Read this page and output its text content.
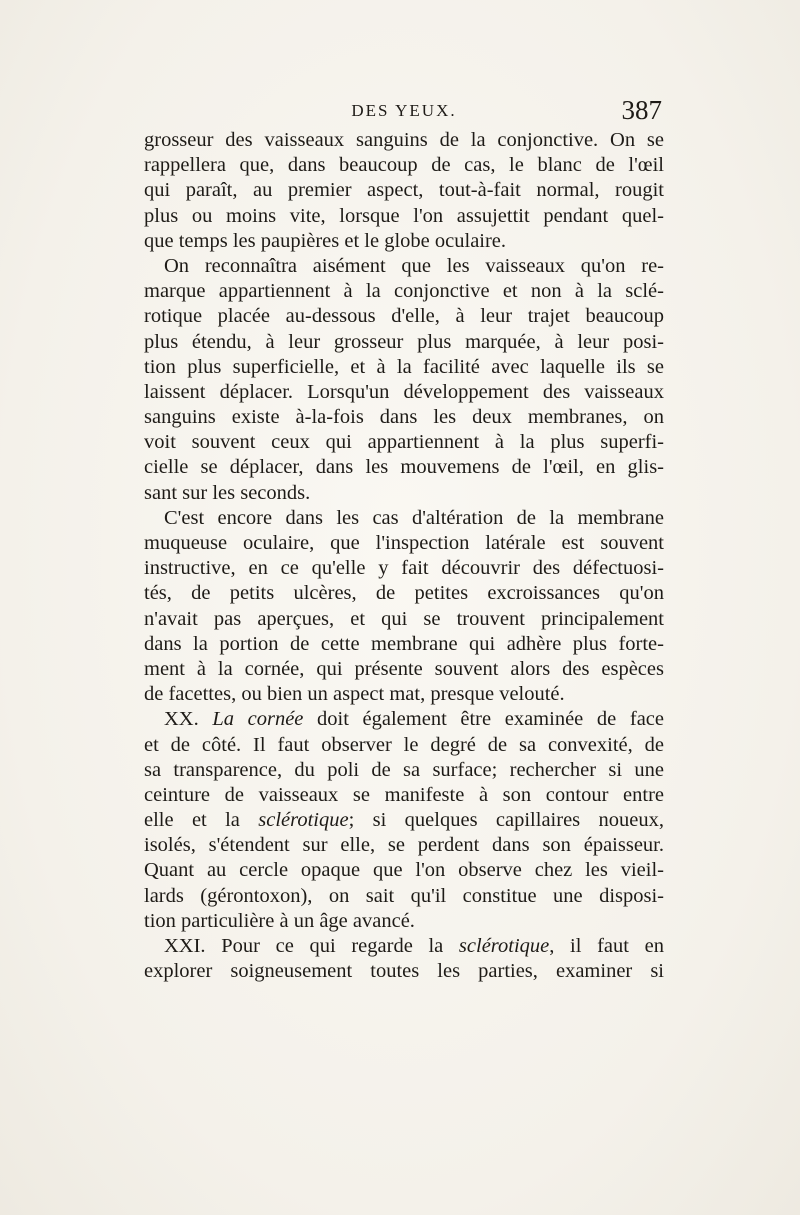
DES YEUX.	387
grosseur des vaisseaux sanguins de la conjonctive. On se
rappellera que, dans beaucoup de cas, le blanc de l'œil
qui paraît, au premier aspect, tout-à-fait normal, rougit
plus ou moins vite, lorsque l'on assujettit pendant quel-
que temps les paupières et le globe oculaire.
On reconnaîtra aisément que les vaisseaux qu'on re-
marque appartiennent à la conjonctive et non à la sclé-
rotique placée au-dessous d'elle, à leur trajet beaucoup
plus étendu, à leur grosseur plus marquée, à leur posi-
tion plus superficielle, et à la facilité avec laquelle ils se
laissent déplacer. Lorsqu'un développement des vaisseaux
sanguins existe à-la-fois dans les deux membranes, on
voit souvent ceux qui appartiennent à la plus superfi-
cielle se déplacer, dans les mouvemens de l'œil, en glis-
sant sur les seconds.
C'est encore dans les cas d'altération de la membrane
muqueuse oculaire, que l'inspection latérale est souvent
instructive, en ce qu'elle y fait découvrir des défectuosi-
tés, de petits ulcères, de petites excroissances qu'on
n'avait pas aperçues, et qui se trouvent principalement
dans la portion de cette membrane qui adhère plus forte-
ment à la cornée, qui présente souvent alors des espèces
de facettes, ou bien un aspect mat, presque velouté.
XX. La cornée doit également être examinée de face
et de côté. Il faut observer le degré de sa convexité, de
sa transparence, du poli de sa surface; rechercher si une
ceinture de vaisseaux se manifeste à son contour entre
elle et la sclérotique; si quelques capillaires noueux,
isolés, s'étendent sur elle, se perdent dans son épaisseur.
Quant au cercle opaque que l'on observe chez les vieil-
lards (gérontoxon), on sait qu'il constitue une disposi-
tion particulière à un âge avancé.
XXI. Pour ce qui regarde la sclérotique, il faut en
explorer soigneusement toutes les parties, examiner si
